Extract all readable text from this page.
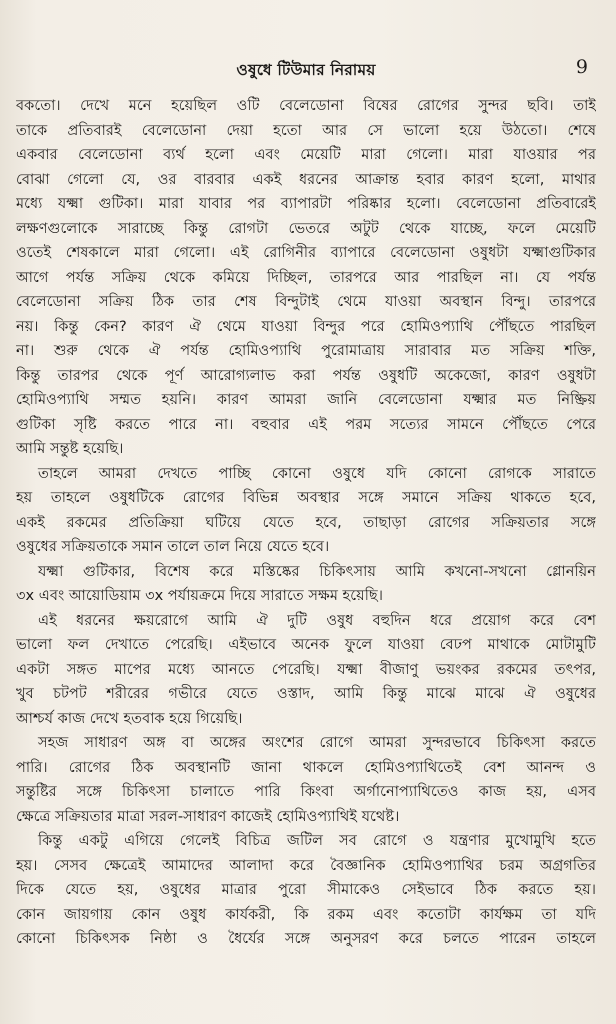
ওষুধে টিউমার নিরাময়	9
বকতো। দেখে মনে হয়েছিল ওটি বেলেডোনা বিষের রোগের সুন্দর ছবি। তাই
তাকে প্রতিবারই বেলেডোনা দেয়া হতো আর সে ভালো হয়ে উঠতো। শেষে
একবার বেলেডোনা ব্যর্থ হলো এবং মেয়েটি মারা গেলো। মারা যাওয়ার পর
বোঝা গেলো যে, ওর বারবার একই ধরনের আক্রান্ত হবার কারণ হলো, মাথার
মধ্যে যক্ষ্মা গুটিকা। মারা যাবার পর ব্যাপারটা পরিষ্কার হলো। বেলেডোনা প্রতিবারেই
লক্ষণগুলোকে সারাচ্ছে কিন্তু রোগটা ভেতরে অটুট থেকে যাচ্ছে, ফলে মেয়েটি
ওতেই শেষকালে মারা গেলো। এই রোগিনীর ব্যাপারে বেলেডোনা ওষুধটা যক্ষ্মাগুটিকার
আগে পর্যন্ত সক্রিয় থেকে কমিয়ে দিচ্ছিল, তারপরে আর পারছিল না। যে পর্যন্ত
বেলেডোনা সক্রিয় ঠিক তার শেষ বিন্দুটাই থেমে যাওয়া অবস্থান বিন্দু। তারপরে
নয়। কিন্তু কেন? কারণ ঐ থেমে যাওয়া বিন্দুর পরে হোমিওপ্যাথি পৌঁছতে পারছিল
না। শুরু থেকে ঐ পর্যন্ত হোমিওপ্যাথি পুরোমাত্রায় সারাবার মত সক্রিয় শক্তি,
কিন্তু তারপর থেকে পূর্ণ আরোগ্যলাভ করা পর্যন্ত ওষুধটি অকেজো, কারণ ওষুধটা
হোমিওপ্যাথি সম্মত হয়নি। কারণ আমরা জানি বেলেডোনা যক্ষ্মার মত নিষ্ক্রিয়
গুটিকা সৃষ্টি করতে পারে না। বহুবার এই পরম সত্যের সামনে পৌঁছতে পেরে
আমি সন্তুষ্ট হয়েছি।
তাহলে আমরা দেখতে পাচ্ছি কোনো ওষুধে যদি কোনো রোগকে সারাতে
হয় তাহলে ওষুধটিকে রোগের বিভিন্ন অবস্থার সঙ্গে সমানে সক্রিয় থাকতে হবে,
একই রকমের প্রতিক্রিয়া ঘটিয়ে যেতে হবে, তাছাড়া রোগের সক্রিয়তার সঙ্গে
ওষুধের সক্রিয়তাকে সমান তালে তাল নিয়ে যেতে হবে।
যক্ষ্মা গুটিকার, বিশেষ করে মস্তিষ্কের চিকিৎসায় আমি কখনো-সখনো গ্লোনয়িন
৩x এবং আয়োডিয়াম ৩x পর্যায়ক্রমে দিয়ে সারাতে সক্ষম হয়েছি।
এই ধরনের ক্ষয়রোগে আমি ঐ দুটি ওষুধ বহুদিন ধরে প্রয়োগ করে বেশ
ভালো ফল দেখাতে পেরেছি। এইভাবে অনেক ফুলে যাওয়া বেঢপ মাথাকে মোটামুটি
একটা সঙ্গত মাপের মধ্যে আনতে পেরেছি। যক্ষ্মা বীজাণু ভয়ংকর রকমের তৎপর,
খুব চটপট শরীরের গভীরে যেতে ওস্তাদ, আমি কিন্তু মাঝে মাঝে ঐ ওষুধের
আশ্চর্য কাজ দেখে হতবাক হয়ে গিয়েছি।
সহজ সাধারণ অঙ্গ বা অঙ্গের অংশের রোগে আমরা সুন্দরভাবে চিকিৎসা করতে
পারি। রোগের ঠিক অবস্থানটি জানা থাকলে হোমিওপ্যাথিতেই বেশ আনন্দ ও
সন্তুষ্টির সঙ্গে চিকিৎসা চালাতে পারি কিংবা অর্গানোপ্যাথিতেও কাজ হয়, এসব
ক্ষেত্রে সক্রিয়তার মাত্রা সরল-সাধারণ কাজেই হোমিওপ্যাথিই যথেষ্ট।
কিন্তু একটু এগিয়ে গেলেই বিচিত্র জটিল সব রোগে ও যন্ত্রণার মুখোমুখি হতে
হয়। সেসব ক্ষেত্রেই আমাদের আলাদা করে বৈজ্ঞানিক হোমিওপ্যাথির চরম অগ্রগতির
দিকে যেতে হয়, ওষুধের মাত্রার পুরো সীমাকেও সেইভাবে ঠিক করতে হয়।
কোন জায়গায় কোন ওষুধ কার্যকরী, কি রকম এবং কতোটা কার্যক্ষম তা যদি
কোনো চিকিৎসক নিষ্ঠা ও ধৈর্যের সঙ্গে অনুসরণ করে চলতে পারেন তাহলে
